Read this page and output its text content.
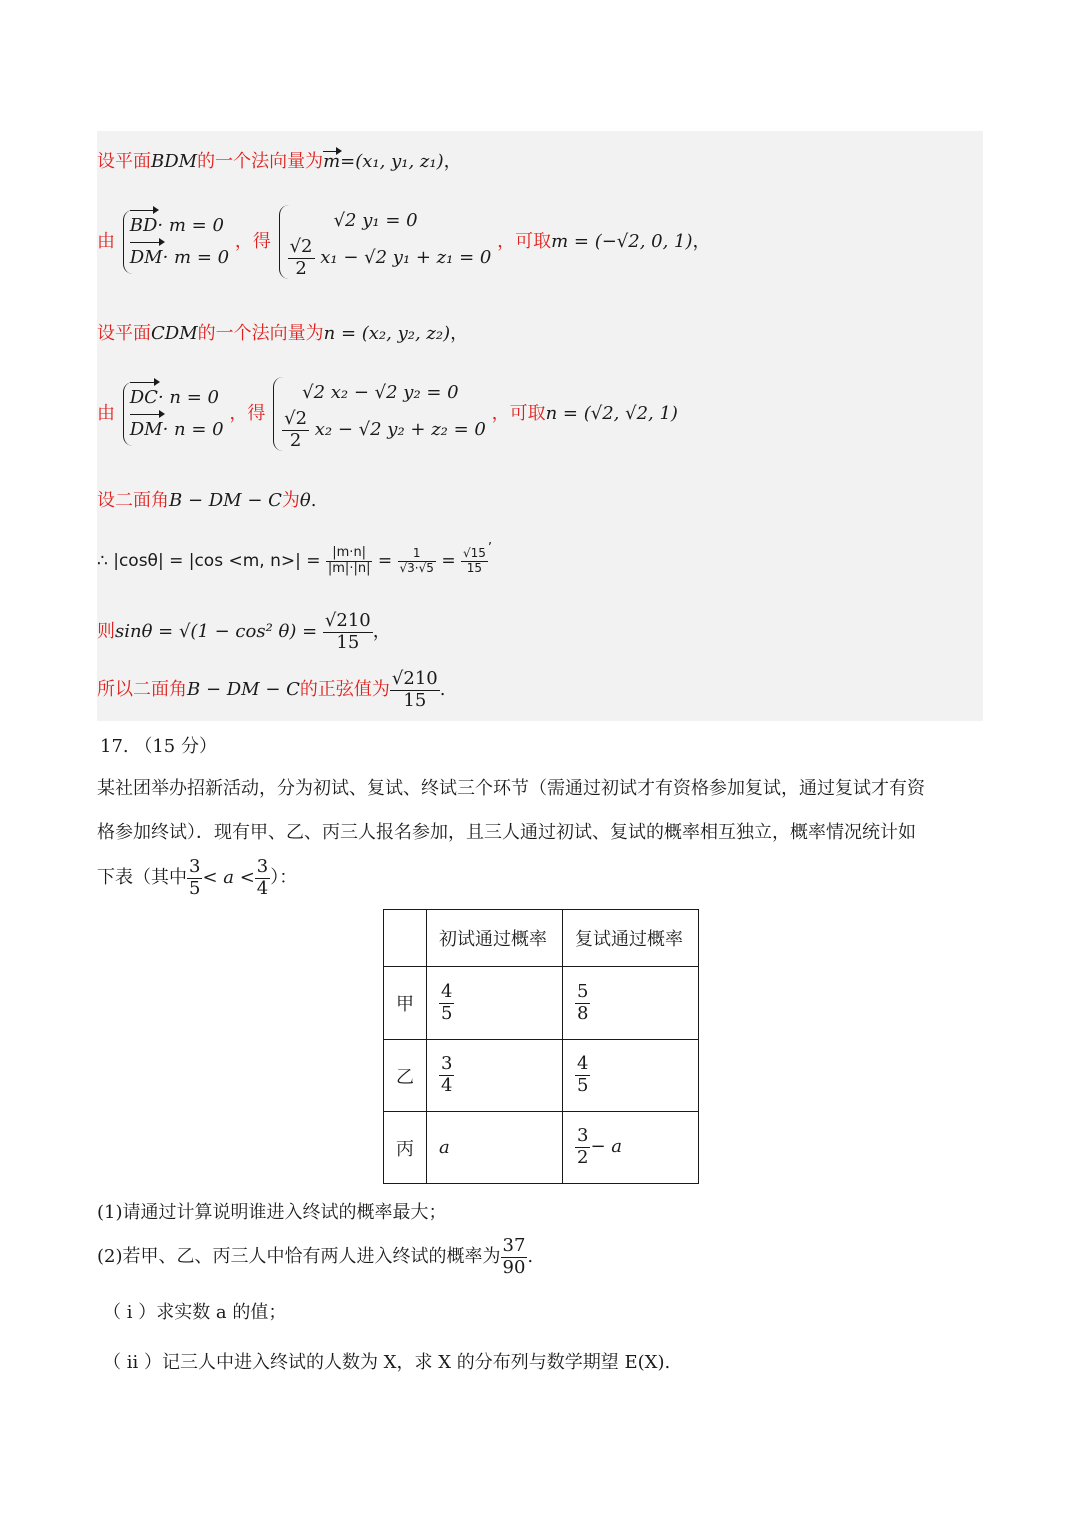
设平面BDM的一个法向量为m=(x₁, y₁, z₁)，
由
BD· m = 0
DM· m = 0
，得
√2 y₁ = 0
$\frac{√2}{2} x_1 - √2$ y₁ + z₁ = 0
，可取m = (−√2, 0, 1)，
设平面CDM的一个法向量为n = (x₂, y₂, z₂)，
由
DC· n = 0
DM· n = 0
，得
√2 x₂ − √2 y₂ = 0
$\frac{√2}{2} x_2 - √2$ y₂ + z₂ = 0
，可取n = (√2, √2, 1)
设二面角B − DM − C为θ.
∴ |cosθ| = |cos <m, $n>| = \frac{|m\cdot n|}{|m|\cdot|n|} = \frac{1}{√3\cdot√5} = \frac{√15}{15} ^’$
则sinθ = √(1 − cos² $\theta) = \frac{√210}{15}$ ，
所以二面角B − DM − C的正弦值为 $\frac{√210}{15}$ .
17. （15 分）
某社团举办招新活动，分为初试、复试、终试三个环节（需通过初试才有资格参加复试，通过复试才有资
格参加终试）．现有甲、乙、丙三人报名参加，且三人通过初试、复试的概率相互独立，概率情况统计如
下表（其中 $\frac{3}{5} < a < \frac{3}{4}$ ）：
	初试通过概率	复试通过概率
甲	$\frac{4}{5}$	$\frac{5}{8}$

乙	$\frac{3}{4}$	$\frac{4}{5}$

丙	a	$\frac{3}{2} - a$
(1)请通过计算说明谁进入终试的概率最大；
(2)若甲、乙、丙三人中恰有两人进入终试的概率为 $\frac{37}{90}$ .
（ i ）求实数 a 的值；
（ ii ）记三人中进入终试的人数为 X，求 X 的分布列与数学期望 E(X).
